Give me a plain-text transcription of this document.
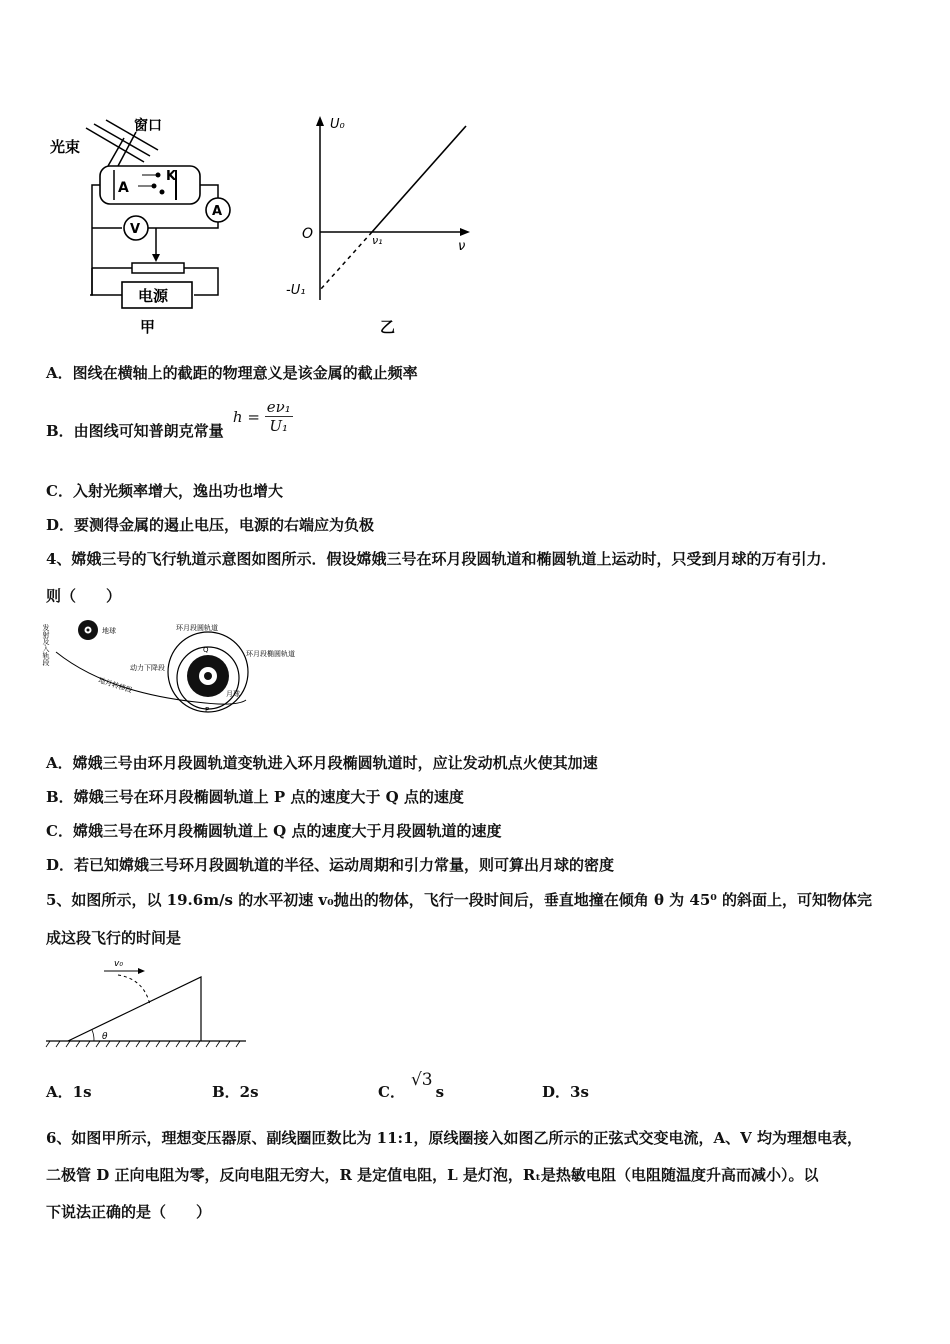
A
K
A
V
电源
光束
窗口
甲
U₀
ν
O	ν₁
-U₁
乙
A．图线在横轴上的截距的物理意义是该金属的截止频率
B．由图线可知普朗克常量 $h = \frac{\text{eν₁}}{\text{U₁}}$
C．入射光频率增大，逸出功也增大
D．要测得金属的遏止电压，电源的右端应为负极
4、嫦娥三号的飞行轨道示意图如图所示．假设嫦娥三号在环月段圆轨道和椭圆轨道上运动时，只受到月球的万有引力．
则（　　）
发射及入轨段	地球
地月转移段
环月段圆轨道
环月段椭圆轨道
动力下降段
月球
Q
P
A．嫦娥三号由环月段圆轨道变轨进入环月段椭圆轨道时，应让发动机点火使其加速
B．嫦娥三号在环月段椭圆轨道上 P 点的速度大于 Q 点的速度
C．嫦娥三号在环月段椭圆轨道上 Q 点的速度大于月段圆轨道的速度
D．若已知嫦娥三号环月段圆轨道的半径、运动周期和引力常量，则可算出月球的密度
5、如图所示，以 19.6m/s 的水平初速 v₀抛出的物体，飞行一段时间后，垂直地撞在倾角 θ 为 45⁰ 的斜面上，可知物体完
成这段飞行的时间是
θ
v₀
A．1s	B．2s	C．√3s	D．3s
6、如图甲所示，理想变压器原、副线圈匝数比为 11:1，原线圈接入如图乙所示的正弦式交变电流，A、V 均为理想电表，
二极管 D 正向电阻为零，反向电阻无穷大，R 是定值电阻，L 是灯泡，Rₜ是热敏电阻（电阻随温度升高而减小）。以
下说法正确的是（　　）
